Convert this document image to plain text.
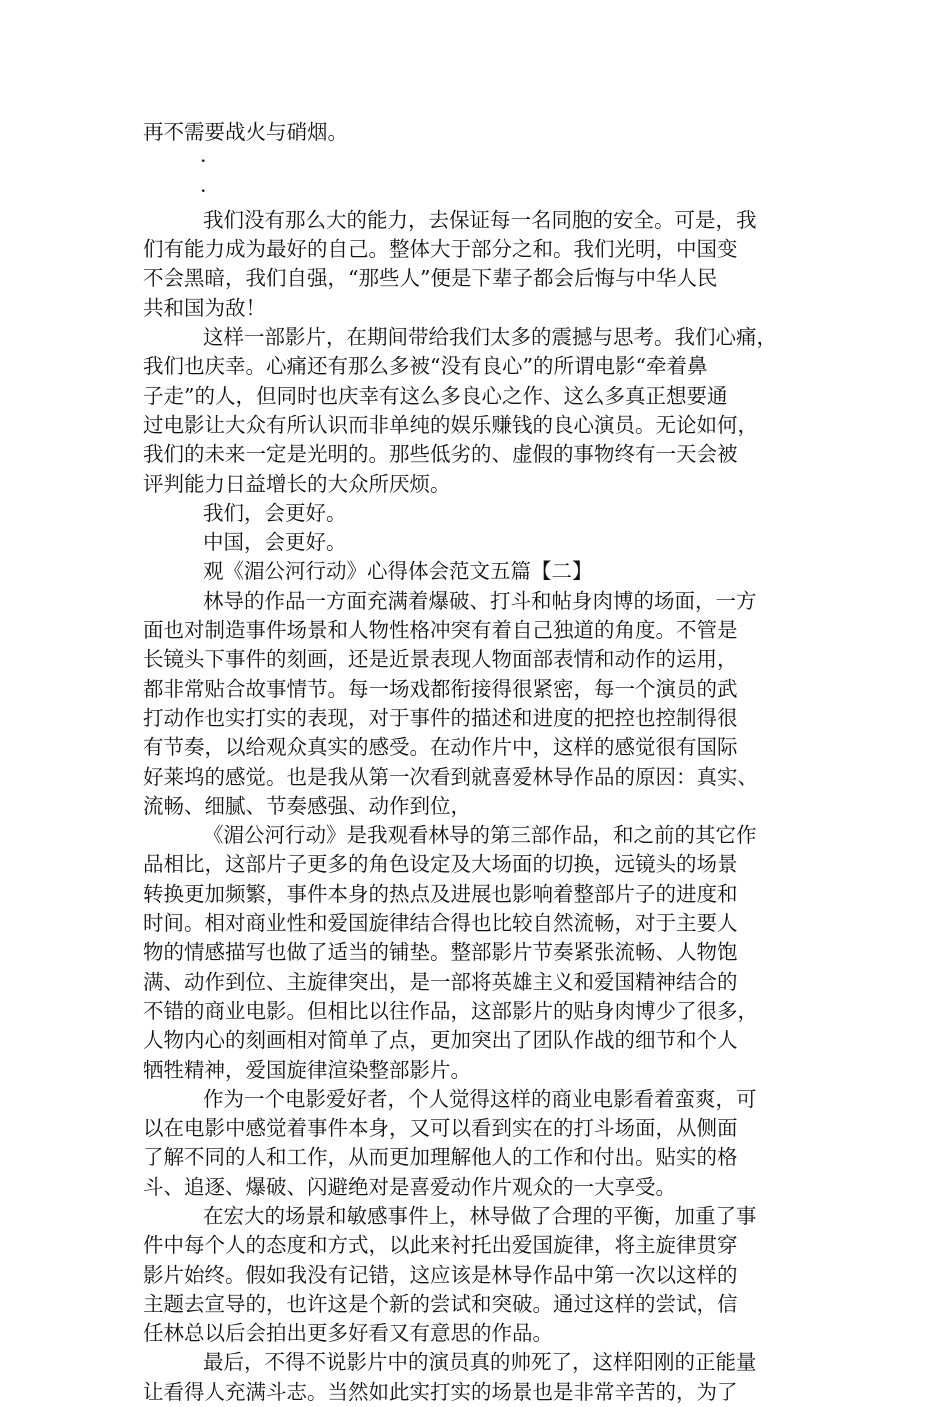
再不需要战火与硝烟。
·
·
我们没有那么大的能力，去保证每一名同胞的安全。可是，我
们有能力成为最好的自己。整体大于部分之和。我们光明，中国变
不会黑暗，我们自强，“那些人”便是下辈子都会后悔与中华人民
共和国为敌！
这样一部影片，在期间带给我们太多的震撼与思考。我们心痛，
我们也庆幸。心痛还有那么多被“没有良心”的所谓电影“牵着鼻
子走”的人，但同时也庆幸有这么多良心之作、这么多真正想要通
过电影让大众有所认识而非单纯的娱乐赚钱的良心演员。无论如何，
我们的未来一定是光明的。那些低劣的、虚假的事物终有一天会被
评判能力日益增长的大众所厌烦。
我们，会更好。
中国，会更好。
观《湄公河行动》心得体会范文五篇【二】
林导的作品一方面充满着爆破、打斗和帖身肉博的场面，一方
面也对制造事件场景和人物性格冲突有着自己独道的角度。不管是
长镜头下事件的刻画，还是近景表现人物面部表情和动作的运用，
都非常贴合故事情节。每一场戏都衔接得很紧密，每一个演员的武
打动作也实打实的表现，对于事件的描述和进度的把控也控制得很
有节奏，以给观众真实的感受。在动作片中，这样的感觉很有国际
好莱坞的感觉。也是我从第一次看到就喜爱林导作品的原因：真实、
流畅、细腻、节奏感强、动作到位，
《湄公河行动》是我观看林导的第三部作品，和之前的其它作
品相比，这部片子更多的角色设定及大场面的切换，远镜头的场景
转换更加频繁，事件本身的热点及进展也影响着整部片子的进度和
时间。相对商业性和爱国旋律结合得也比较自然流畅，对于主要人
物的情感描写也做了适当的铺垫。整部影片节奏紧张流畅、人物饱
满、动作到位、主旋律突出，是一部将英雄主义和爱国精神结合的
不错的商业电影。但相比以往作品，这部影片的贴身肉博少了很多，
人物内心的刻画相对简单了点，更加突出了团队作战的细节和个人
牺牲精神，爱国旋律渲染整部影片。
作为一个电影爱好者，个人觉得这样的商业电影看着蛮爽，可
以在电影中感觉着事件本身，又可以看到实在的打斗场面，从侧面
了解不同的人和工作，从而更加理解他人的工作和付出。贴实的格
斗、追逐、爆破、闪避绝对是喜爱动作片观众的一大享受。
在宏大的场景和敏感事件上，林导做了合理的平衡，加重了事
件中每个人的态度和方式，以此来衬托出爱国旋律，将主旋律贯穿
影片始终。假如我没有记错，这应该是林导作品中第一次以这样的
主题去宣导的，也许这是个新的尝试和突破。通过这样的尝试，信
任林总以后会拍出更多好看又有意思的作品。
最后，不得不说影片中的演员真的帅死了，这样阳刚的正能量
让看得人充满斗志。当然如此实打实的场景也是非常辛苦的，为了
